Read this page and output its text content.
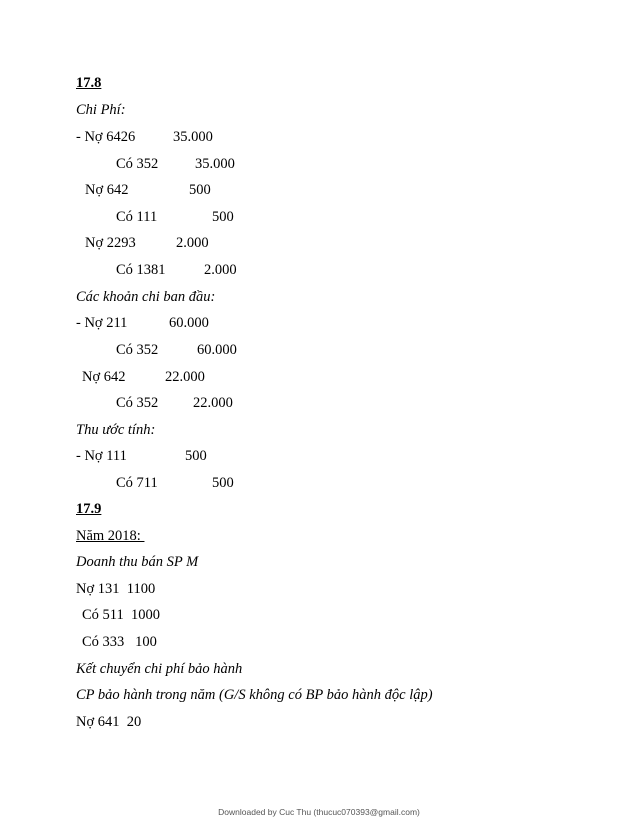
17.8
Chi Phí:
- Nợ 6426	35.000
Có 352	35.000
Nợ 642	500
Có 111	500
Nợ 2293	2.000
Có 1381	2.000
Các khoản chi ban đầu:
- Nợ 211	60.000
Có 352	60.000
Nợ 642	22.000
Có 352 22.000
Thu ước tính:
- Nợ 111	500
Có 711	500
17.9
Năm 2018:
Doanh thu bán SP M
Nợ 131  1100
Có 511  1000
Có 333   100
Kết chuyển chi phí bảo hành
CP bảo hành trong năm (G/S không có BP bảo hành độc lập)
Nợ 641  20
Downloaded by Cuc Thu (thucuc070393@gmail.com)
